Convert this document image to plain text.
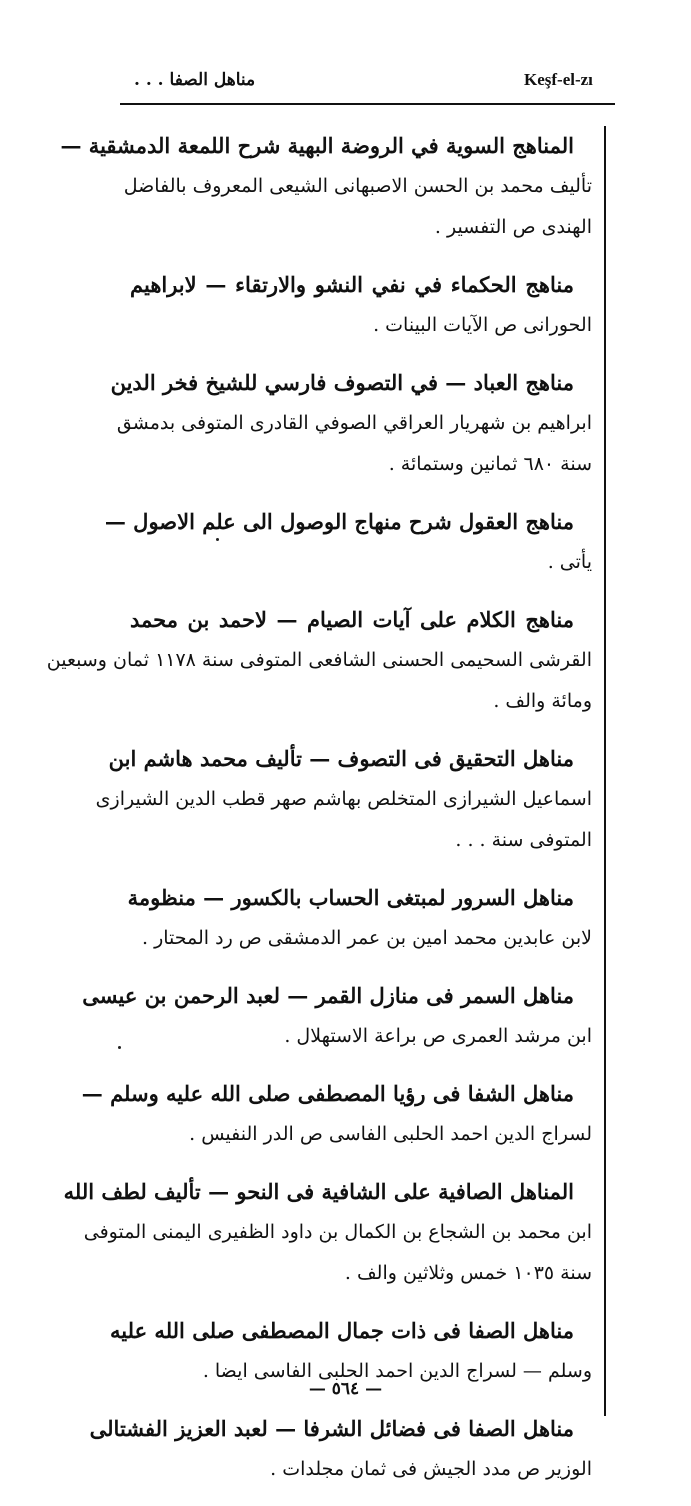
مناهل الصفا . . .	Keşf-el-zı
المناهج السوية في الروضة البهية شرح اللمعة الدمشقية —
تأليف محمد بن الحسن الاصبهانى الشيعى المعروف بالفاضل
الهندى ص التفسير .
مناهج الحكماء في نفي النشو والارتقاء — لابراهيم
الحورانى ص الآيات البينات .
مناهج العباد — في التصوف فارسي للشيخ فخر الدين
ابراهيم بن شهريار العراقي الصوفي القادرى المتوفى بدمشق
سنة ٦٨٠ ثمانين وستمائة .
مناهج العقول شرح منهاج الوصول الى علم الاصول —
يأتى .
مناهج الكلام على آيات الصيام — لاحمد بن محمد
القرشى السحيمى الحسنى الشافعى المتوفى سنة ١١٧٨ ثمان وسبعين
ومائة والف .
مناهل التحقيق فى التصوف — تأليف محمد هاشم ابن
اسماعيل الشيرازى المتخلص بهاشم صهر قطب الدين الشيرازى
المتوفى سنة . . .
مناهل السرور لمبتغى الحساب بالكسور — منظومة
لابن عابدين محمد امين بن عمر الدمشقى ص رد المحتار .
مناهل السمر فى منازل القمر — لعبد الرحمن بن عيسى
ابن مرشد العمرى ص براعة الاستهلال .
مناهل الشفا فى رؤيا المصطفى صلى الله عليه وسلم —
لسراج الدين احمد الحلبى الفاسى ص الدر النفيس .
المناهل الصافية على الشافية فى النحو — تأليف لطف الله
ابن محمد بن الشجاع بن الكمال بن داود الظفيرى اليمنى المتوفى
سنة ١٠٣٥ خمس وثلاثين والف .
مناهل الصفا فى ذات جمال المصطفى صلى الله عليه
وسلم — لسراج الدين احمد الحلبى الفاسى ايضا .
مناهل الصفا فى فضائل الشرفا — لعبد العزيز الفشتالى
الوزير ص مدد الجيش فى ثمان مجلدات .
— ٥٦٤ —
